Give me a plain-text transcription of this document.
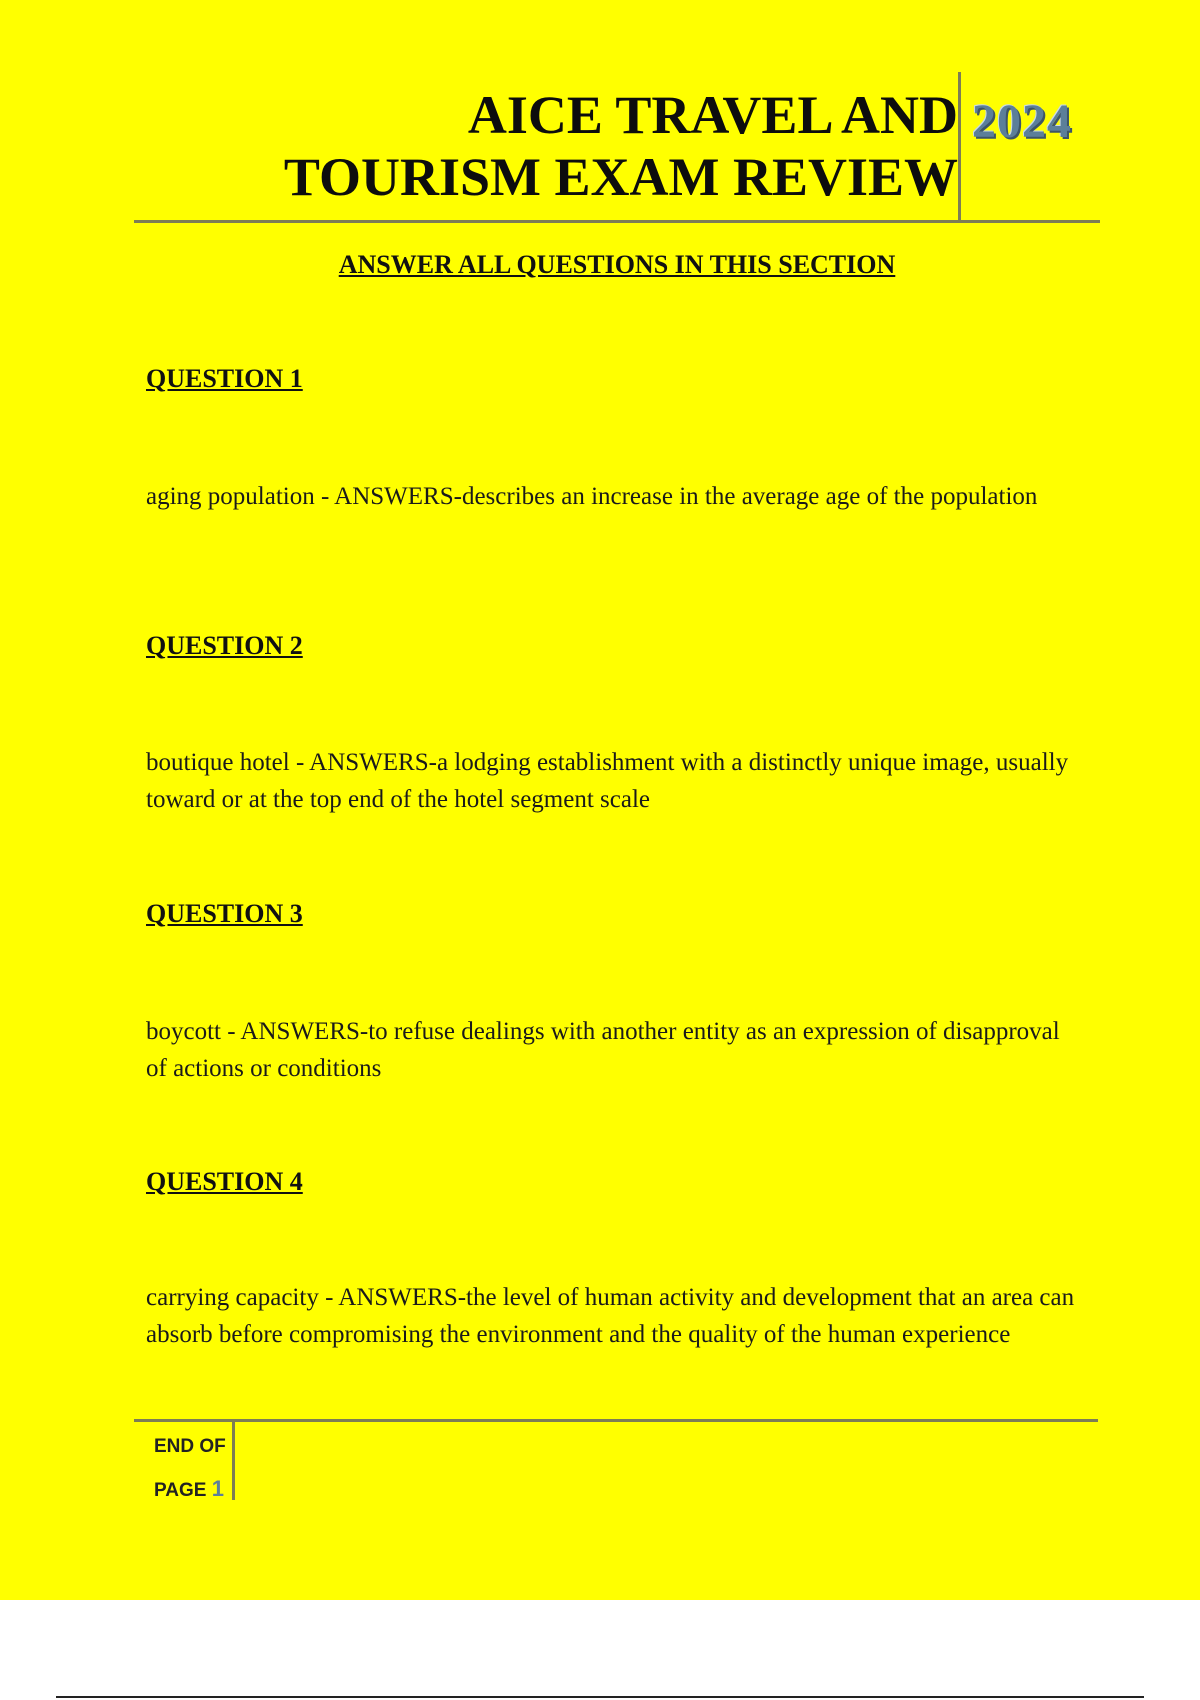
AICE TRAVEL AND
TOURISM EXAM REVIEW
2024
ANSWER ALL QUESTIONS IN THIS SECTION
QUESTION 1
aging population - ANSWERS-describes an increase in the average age of the population
QUESTION 2
boutique hotel - ANSWERS-a lodging establishment with a distinctly unique image, usually toward or at the top end of the hotel segment scale
QUESTION 3
boycott - ANSWERS-to refuse dealings with another entity as an expression of disapproval of actions or conditions
QUESTION 4
carrying capacity - ANSWERS-the level of human activity and development that an area can absorb before compromising the environment and the quality of the human experience
END OF
PAGE 1
